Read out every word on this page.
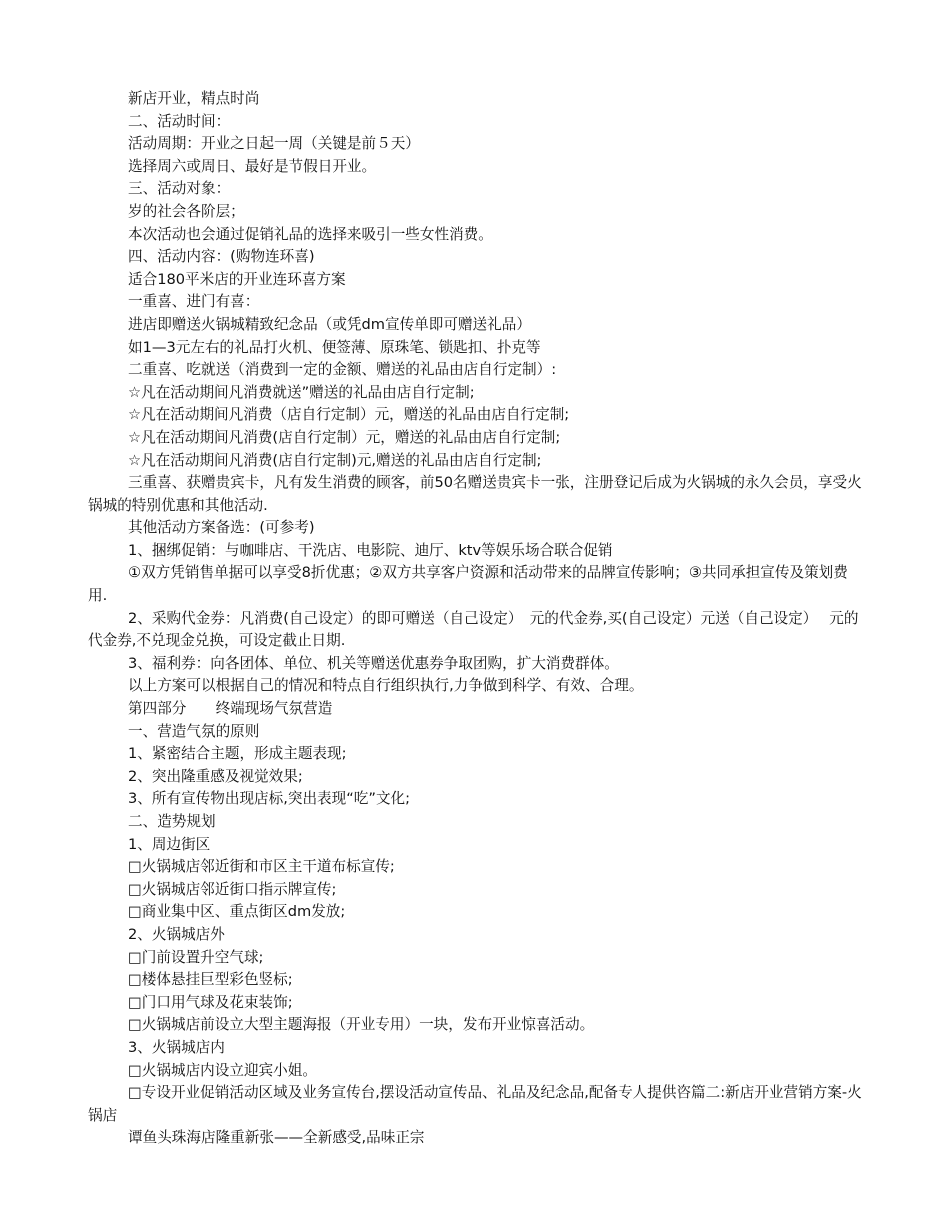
新店开业，精点时尚

二、活动时间：

活动周期：开业之日起一周（关键是前５天）

选择周六或周日、最好是节假日开业。

三、活动对象：

岁的社会各阶层；

本次活动也会通过促销礼品的选择来吸引一些女性消费。

四、活动内容：(购物连环喜)

适合180平米店的开业连环喜方案

一重喜、进门有喜：

进店即赠送火锅城精致纪念品（或凭dm宣传单即可赠送礼品）

如1—3元左右的礼品打火机、便签薄、原珠笔、锁匙扣、扑克等

二重喜、吃就送（消费到一定的金额、赠送的礼品由店自行定制）:

☆凡在活动期间凡消费就送”赠送的礼品由店自行定制;

☆凡在活动期间凡消费（店自行定制）元，赠送的礼品由店自行定制;

☆凡在活动期间凡消费(店自行定制）元，赠送的礼品由店自行定制;

☆凡在活动期间凡消费(店自行定制)元,赠送的礼品由店自行定制;

三重喜、获赠贵宾卡，凡有发生消费的顾客，前50名赠送贵宾卡一张，注册登记后成为火锅城的永久会员，享受火锅城的特别优惠和其他活动.

其他活动方案备选：(可参考)

1、捆绑促销：与咖啡店、干洗店、电影院、迪厅、ktv等娱乐场合联合促销

①双方凭销售单据可以享受8折优惠；②双方共享客户资源和活动带来的品牌宣传影响；③共同承担宣传及策划费用.

2、采购代金券：凡消费(自己设定）的即可赠送（自己设定）　元的代金券,买(自己设定）元送（自己设定）　 元的代金券,不兑现金兑换，可设定截止日期.

3、福利券：向各团体、单位、机关等赠送优惠券争取团购，扩大消费群体。

以上方案可以根据自己的情况和特点自行组织执行,力争做到科学、有效、合理。

第四部分　　终端现场气氛营造

一、营造气氛的原则

1、紧密结合主题，形成主题表现;

2、突出隆重感及视觉效果;

3、所有宣传物出现店标,突出表现“吃”文化;

二、造势规划

1、周边街区

□火锅城店邻近街和市区主干道布标宣传;

□火锅城店邻近街口指示牌宣传;

□商业集中区、重点街区dm发放;

2、火锅城店外

□门前设置升空气球;

□楼体悬挂巨型彩色竖标;

□门口用气球及花束装饰;

□火锅城店前设立大型主题海报（开业专用）一块，发布开业惊喜活动。

3、火锅城店内

□火锅城店内设立迎宾小姐。

□专设开业促销活动区域及业务宣传台,摆设活动宣传品、礼品及纪念品,配备专人提供咨篇二:新店开业营销方案-火锅店

谭鱼头珠海店隆重新张——全新感受,品味正宗
